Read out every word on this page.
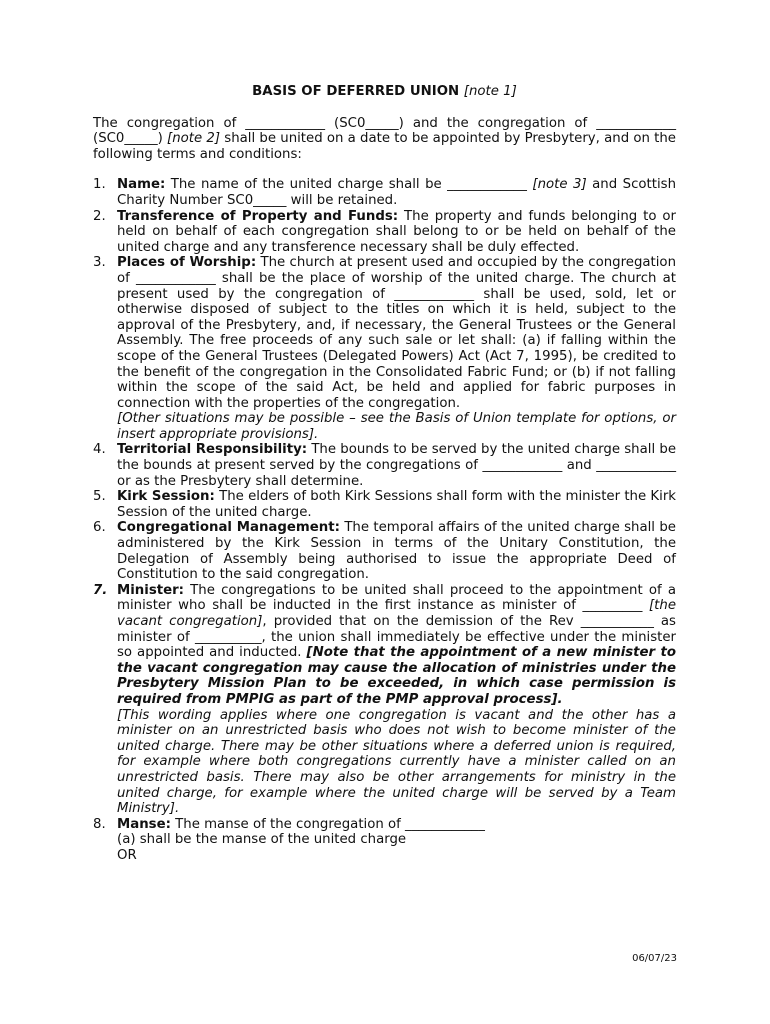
BASIS OF DEFERRED UNION [note 1]

The congregation of ____________ (SC0_____) and the congregation of ____________ (SC0_____) [note 2] shall be united on a date to be appointed by Presbytery, and on the following terms and conditions:

1. Name: The name of the united charge shall be ____________ [note 3] and Scottish Charity Number SC0_____ will be retained.
2. Transference of Property and Funds: The property and funds belonging to or held on behalf of each congregation shall belong to or be held on behalf of the united charge and any transference necessary shall be duly effected.
3. Places of Worship: The church at present used and occupied by the congregation of ____________ shall be the place of worship of the united charge. The church at present used by the congregation of ____________ shall be used, sold, let or otherwise disposed of subject to the titles on which it is held, subject to the approval of the Presbytery, and, if necessary, the General Trustees or the General Assembly. The free proceeds of any such sale or let shall: (a) if falling within the scope of the General Trustees (Delegated Powers) Act (Act 7, 1995), be credited to the benefit of the congregation in the Consolidated Fabric Fund; or (b) if not falling within the scope of the said Act, be held and applied for fabric purposes in connection with the properties of the congregation.
[Other situations may be possible – see the Basis of Union template for options, or insert appropriate provisions].
4. Territorial Responsibility: The bounds to be served by the united charge shall be the bounds at present served by the congregations of ____________ and ____________ or as the Presbytery shall determine.
5. Kirk Session: The elders of both Kirk Sessions shall form with the minister the Kirk Session of the united charge.
6. Congregational Management: The temporal affairs of the united charge shall be administered by the Kirk Session in terms of the Unitary Constitution, the Delegation of Assembly being authorised to issue the appropriate Deed of Constitution to the said congregation.
7. Minister: The congregations to be united shall proceed to the appointment of a minister who shall be inducted in the first instance as minister of _________ [the vacant congregation], provided that on the demission of the Rev ___________ as minister of __________, the union shall immediately be effective under the minister so appointed and inducted. [Note that the appointment of a new minister to the vacant congregation may cause the allocation of ministries under the Presbytery Mission Plan to be exceeded, in which case permission is required from PMPIG as part of the PMP approval process].
[This wording applies where one congregation is vacant and the other has a minister on an unrestricted basis who does not wish to become minister of the united charge. There may be other situations where a deferred union is required, for example where both congregations currently have a minister called on an unrestricted basis. There may also be other arrangements for ministry in the united charge, for example where the united charge will be served by a Team Ministry].
8. Manse: The manse of the congregation of ____________
(a) shall be the manse of the united charge
OR
06/07/23
